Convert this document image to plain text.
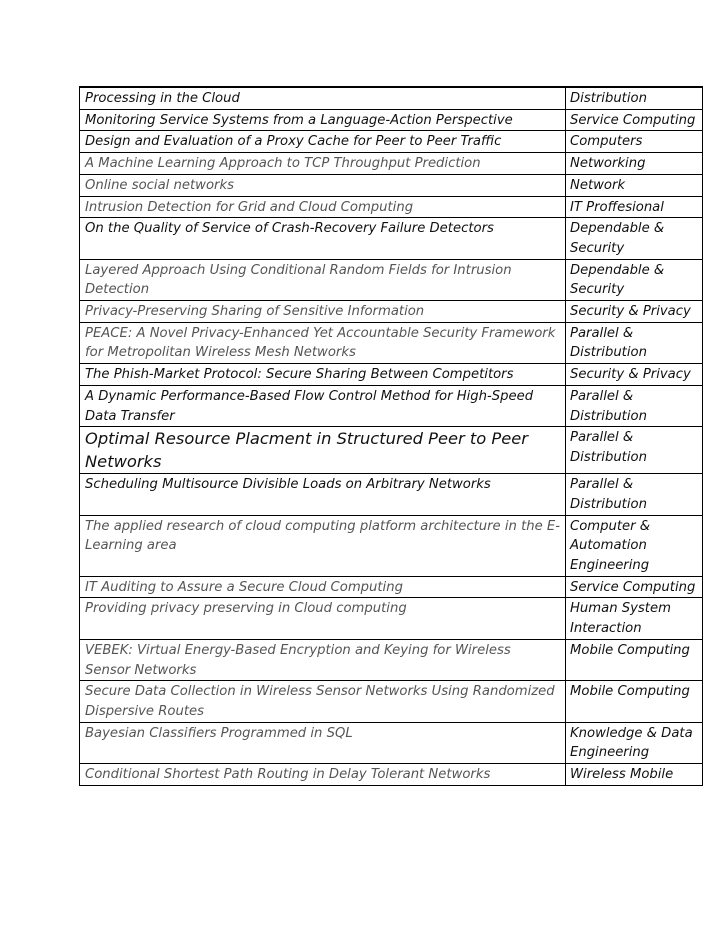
Processing in the Cloud	Distribution
Monitoring Service Systems from a Language-Action Perspective	Service Computing
Design and Evaluation of a Proxy Cache for Peer to Peer Traffic	Computers
A Machine Learning Approach to TCP Throughput Prediction	Networking
Online social networks	Network
Intrusion Detection for Grid and Cloud Computing	IT Proffesional
On the Quality of Service of Crash-Recovery Failure Detectors	Dependable & Security
Layered Approach Using Conditional Random Fields for Intrusion Detection	Dependable & Security
Privacy-Preserving Sharing of Sensitive Information	Security & Privacy
PEACE: A Novel Privacy-Enhanced Yet Accountable Security Framework for Metropolitan Wireless Mesh Networks	Parallel & Distribution
The Phish-Market Protocol: Secure Sharing Between Competitors	Security & Privacy
A Dynamic Performance-Based Flow Control Method for High-Speed Data Transfer	Parallel & Distribution
Optimal Resource Placment in Structured Peer to Peer Networks	Parallel & Distribution
Scheduling Multisource Divisible Loads on Arbitrary Networks	Parallel & Distribution
The applied research of cloud computing platform architecture in the E-Learning area	Computer & Automation Engineering
IT Auditing to Assure a Secure Cloud Computing	Service Computing
Providing privacy preserving in Cloud computing	Human System Interaction
VEBEK: Virtual Energy-Based Encryption and Keying for Wireless Sensor Networks	Mobile Computing
Secure Data Collection in Wireless Sensor Networks Using Randomized Dispersive Routes	Mobile Computing
Bayesian Classifiers Programmed in SQL	Knowledge & Data Engineering
Conditional Shortest Path Routing in Delay Tolerant Networks	Wireless Mobile
